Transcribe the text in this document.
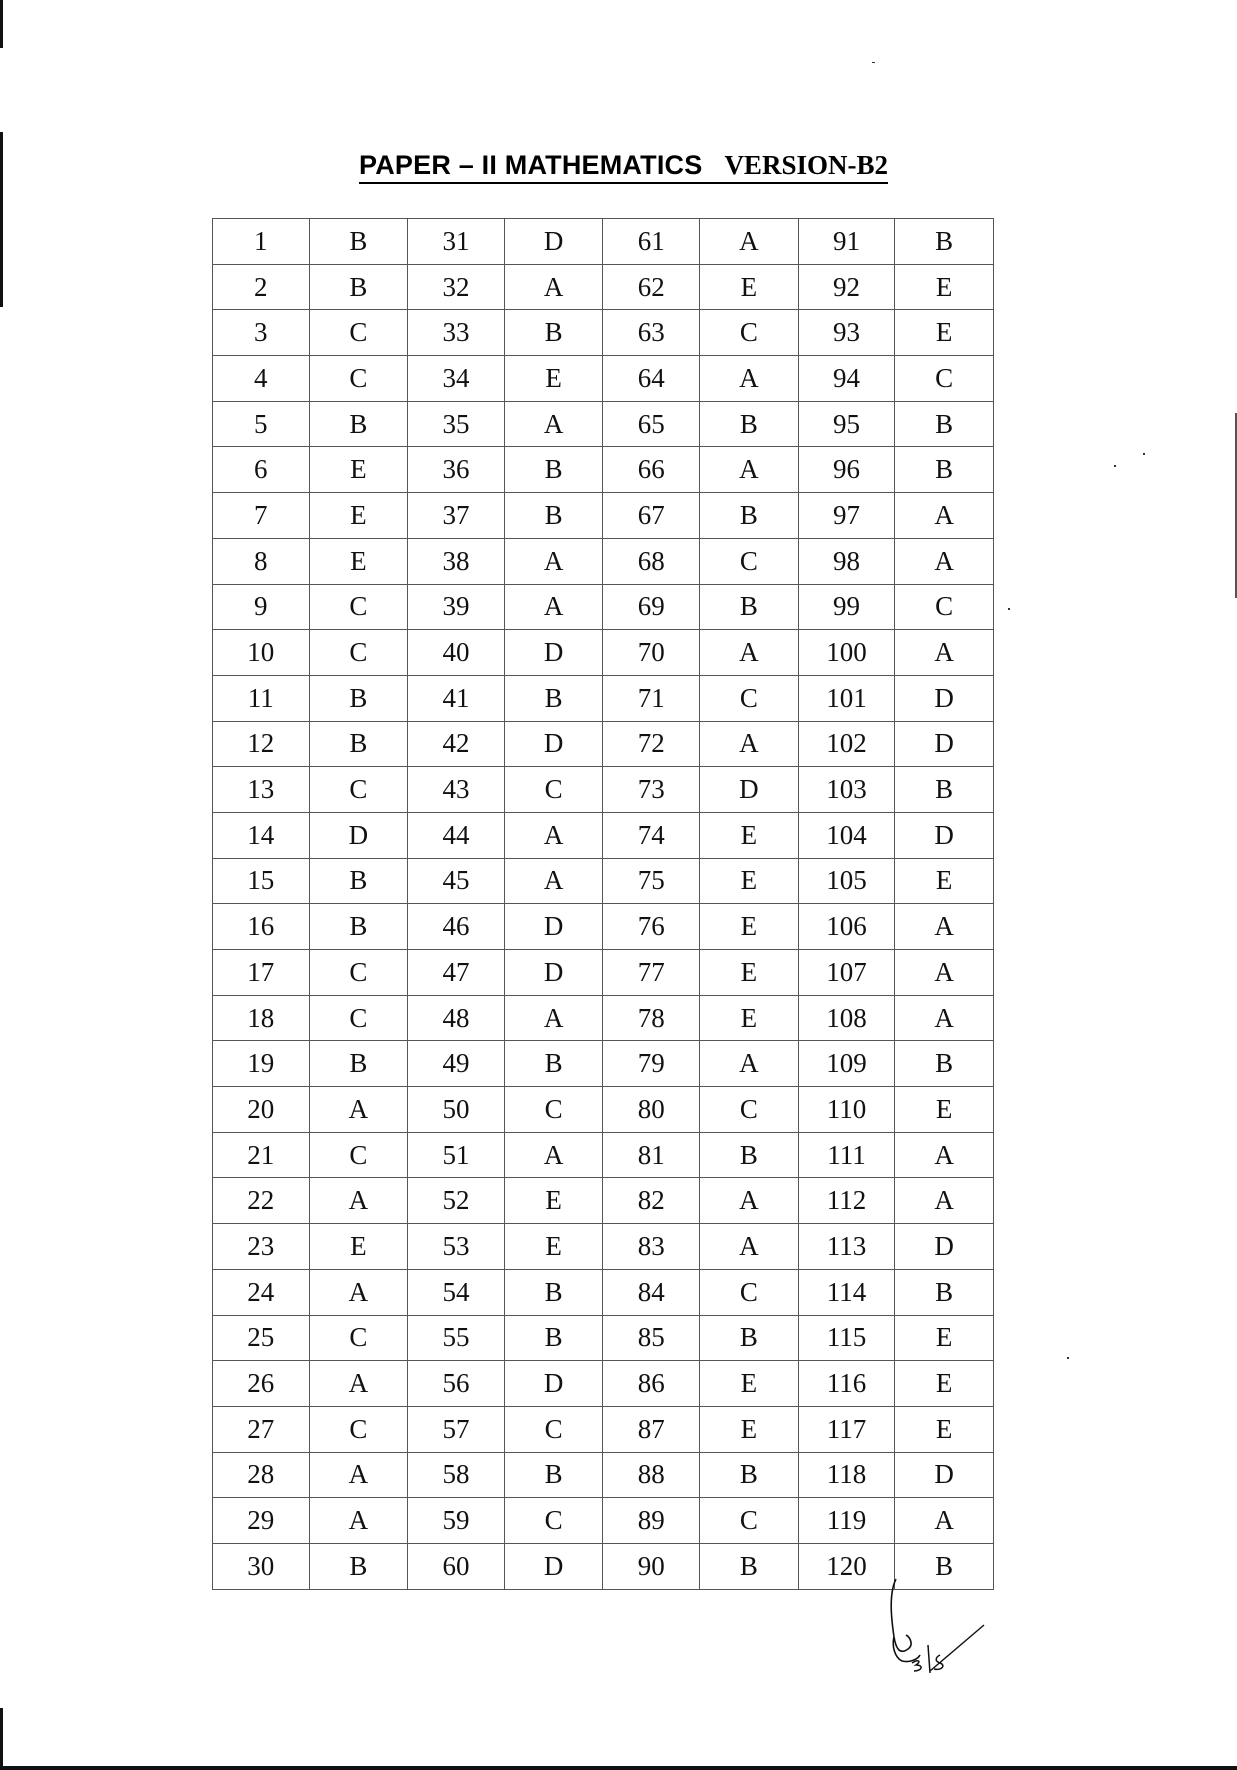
PAPER – II MATHEMATICS VERSION-B2
1	B	31	D	61	A	91	B
2	B	32	A	62	E	92	E
3	C	33	B	63	C	93	E
4	C	34	E	64	A	94	C
5	B	35	A	65	B	95	B
6	E	36	B	66	A	96	B
7	E	37	B	67	B	97	A
8	E	38	A	68	C	98	A
9	C	39	A	69	B	99	C
10	C	40	D	70	A	100	A
11	B	41	B	71	C	101	D
12	B	42	D	72	A	102	D
13	C	43	C	73	D	103	B
14	D	44	A	74	E	104	D
15	B	45	A	75	E	105	E
16	B	46	D	76	E	106	A
17	C	47	D	77	E	107	A
18	C	48	A	78	E	108	A
19	B	49	B	79	A	109	B
20	A	50	C	80	C	110	E
21	C	51	A	81	B	111	A
22	A	52	E	82	A	112	A
23	E	53	E	83	A	113	D
24	A	54	B	84	C	114	B
25	C	55	B	85	B	115	E
26	A	56	D	86	E	116	E
27	C	57	C	87	E	117	E
28	A	58	B	88	B	118	D
29	A	59	C	89	C	119	A
30	B	60	D	90	B	120	B
